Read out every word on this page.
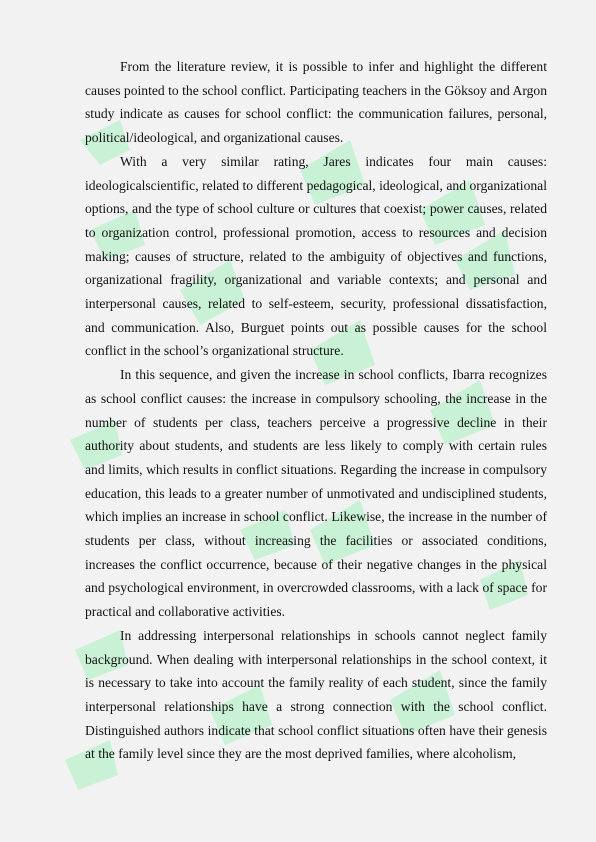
From the literature review, it is possible to infer and highlight the different causes pointed to the school conflict. Participating teachers in the Göksoy and Argon study indicate as causes for school conflict: the communication failures, personal, political/ideological, and organizational causes.

With a very similar rating, Jares indicates four main causes: ideologicalscientific, related to different pedagogical, ideological, and organizational options, and the type of school culture or cultures that coexist; power causes, related to organization control, professional promotion, access to resources and decision making; causes of structure, related to the ambiguity of objectives and functions, organizational fragility, organizational and variable contexts; and personal and interpersonal causes, related to self-esteem, security, professional dissatisfaction, and communication. Also, Burguet points out as possible causes for the school conflict in the school’s organizational structure.

In this sequence, and given the increase in school conflicts, Ibarra recognizes as school conflict causes: the increase in compulsory schooling, the increase in the number of students per class, teachers perceive a progressive decline in their authority about students, and students are less likely to comply with certain rules and limits, which results in conflict situations. Regarding the increase in compulsory education, this leads to a greater number of unmotivated and undisciplined students, which implies an increase in school conflict. Likewise, the increase in the number of students per class, without increasing the facilities or associated conditions, increases the conflict occurrence, because of their negative changes in the physical and psychological environment, in overcrowded classrooms, with a lack of space for practical and collaborative activities.

In addressing interpersonal relationships in schools cannot neglect family background. When dealing with interpersonal relationships in the school context, it is necessary to take into account the family reality of each student, since the family interpersonal relationships have a strong connection with the school conflict. Distinguished authors indicate that school conflict situations often have their genesis at the family level since they are the most deprived families, where alcoholism,
